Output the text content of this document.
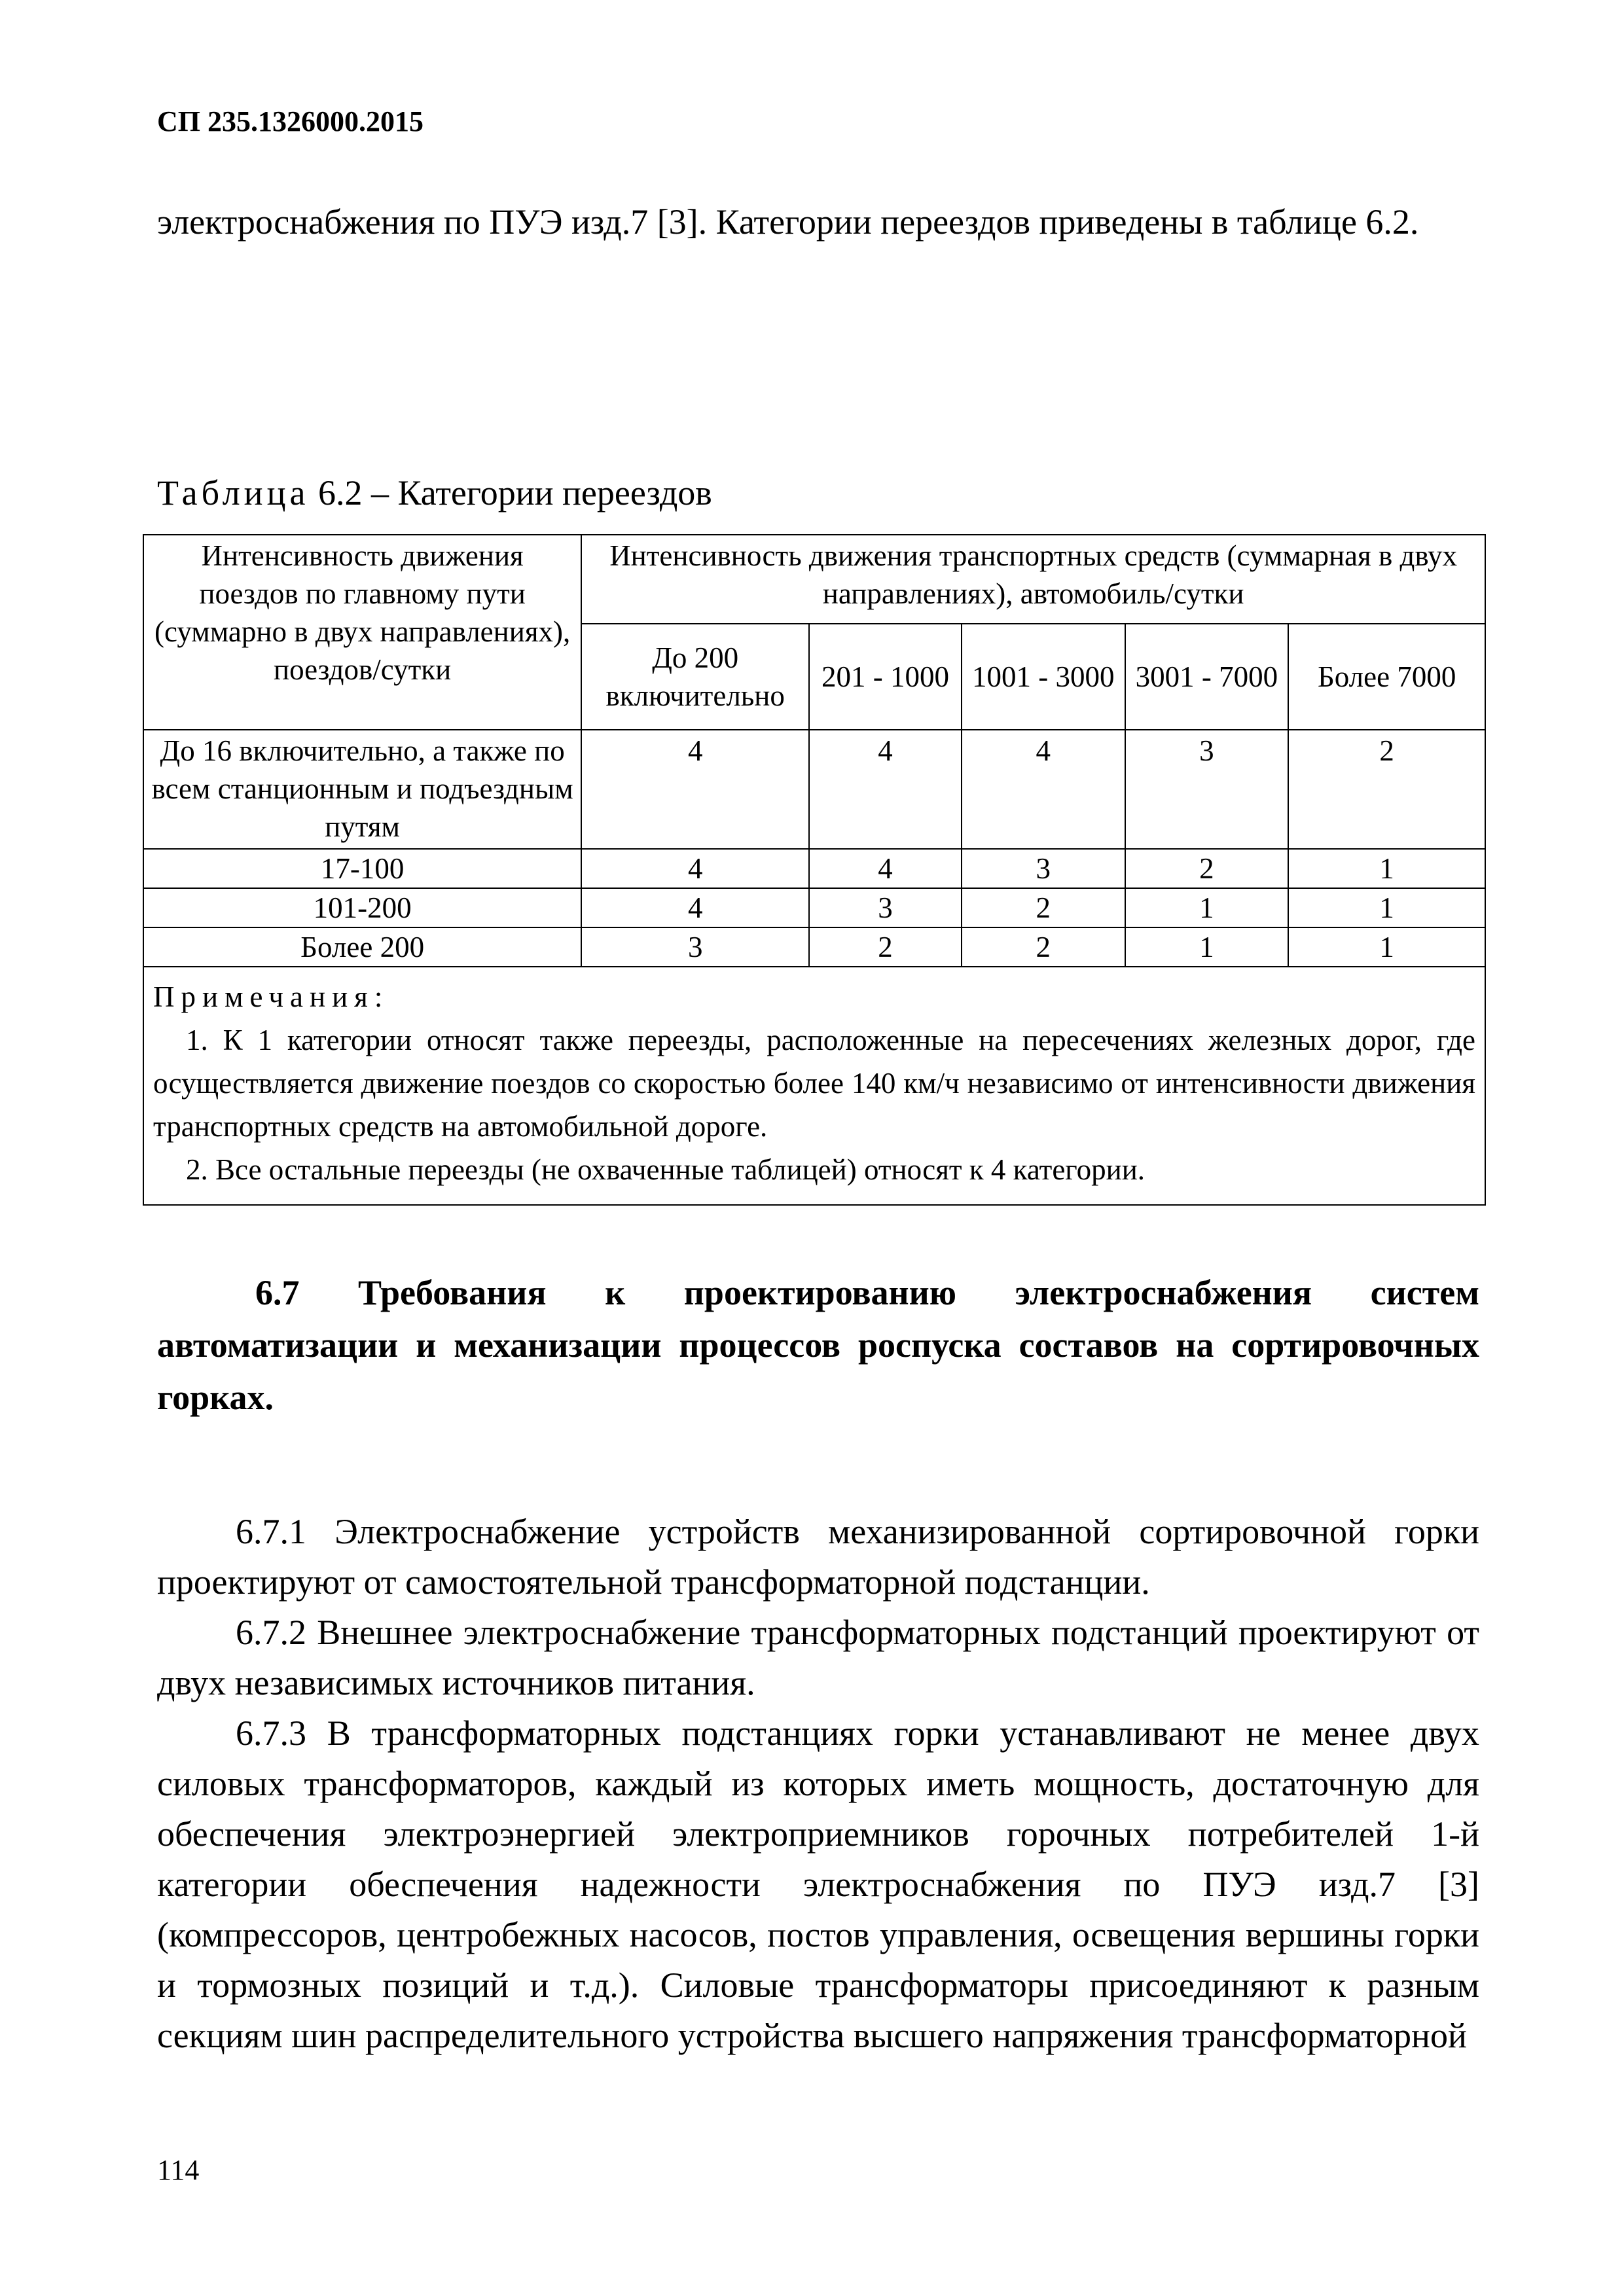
СП 235.1326000.2015
электроснабжения по ПУЭ изд.7 [3]. Категории переездов приведены в таблице 6.2.
Таблица 6.2 – Категории переездов
Интенсивность движения поездов по главному пути (суммарно в двух направлениях), поездов/сутки	Интенсивность движения транспортных средств (суммарная в двух направлениях), автомобиль/сутки				
	До 200 включительно	201 - 1000	1001 - 3000	3001 - 7000	Более 7000
До 16 включительно, а также по всем станционным и подъездным путям	4	4	4	3	2
17-100	4	4	3	2	1
101-200	4	3	2	1	1
Более 200	3	2	2	1	1

Примечания:
1. К 1 категории относят также переезды, расположенные на пересечениях железных дорог, где осуществляется движение поездов со скоростью более 140 км/ч независимо от интенсивности движения транспортных средств на автомобильной дороге.
2. Все остальные переезды (не охваченные таблицей) относят к 4 категории.					
6.7 Требования к проектированию электроснабжения систем автоматизации и механизации процессов роспуска составов на сортировочных горках.

6.7.1 Электроснабжение устройств механизированной сортировочной горки проектируют от самостоятельной трансформаторной подстанции.

6.7.2 Внешнее электроснабжение трансформаторных подстанций проектируют от двух независимых источников питания.

6.7.3 В трансформаторных подстанциях горки устанавливают не менее двух силовых трансформаторов, каждый из которых иметь мощность, достаточную для обеспечения электроэнергией электроприемников горочных потребителей 1-й категории обеспечения надежности электроснабжения по ПУЭ изд.7 [3] (компрессоров, центробежных насосов, постов управления, освещения вершины горки и тормозных позиций и т.д.). Силовые трансформаторы присоединяют к разным секциям шин распределительного устройства высшего напряжения трансформаторной

114
